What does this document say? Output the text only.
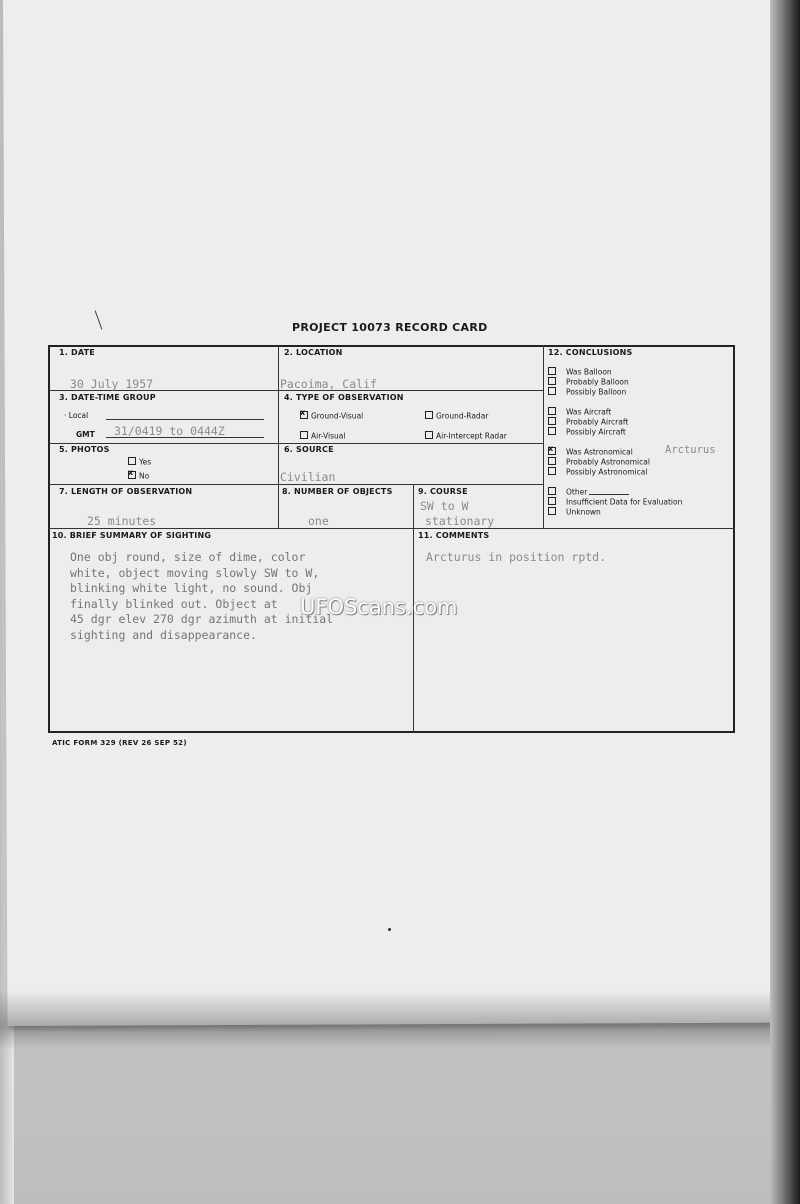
PROJECT 10073 RECORD CARD
1. DATE
30 July 1957
2. LOCATION
Pacoima, Calif
3. DATE-TIME GROUP
· Local
GMT 31/0419 to 0444Z
4. TYPE OF OBSERVATION
xGround-Visual	Ground-Radar
Air-Visual	Air-Intercept Radar
5. PHOTOS
Yes
xNo
6. SOURCE
Civilian
7. LENGTH OF OBSERVATION
25 minutes
8. NUMBER OF OBJECTS
one
9. COURSE
SW to W
stationary
10. BRIEF SUMMARY OF SIGHTING
One obj round, size of dime, color
white, object moving slowly SW to W,
blinking white light, no sound. Obj
finally blinked out. Object at
45 dgr elev 270 dgr azimuth at initial
sighting and disappearance.
11. COMMENTS
Arcturus in position rptd.
12. CONCLUSIONS
Was Balloon
Probably Balloon
Possibly Balloon
Was Aircraft
Probably Aircraft
Possibly Aircraft
xWas Astronomical
Probably Astronomical
Possibly Astronomical
Arcturus
Other
Insufficient Data for Evaluation
Unknown
ATIC FORM 329 (REV 26 SEP 52)
UFOScans.com
